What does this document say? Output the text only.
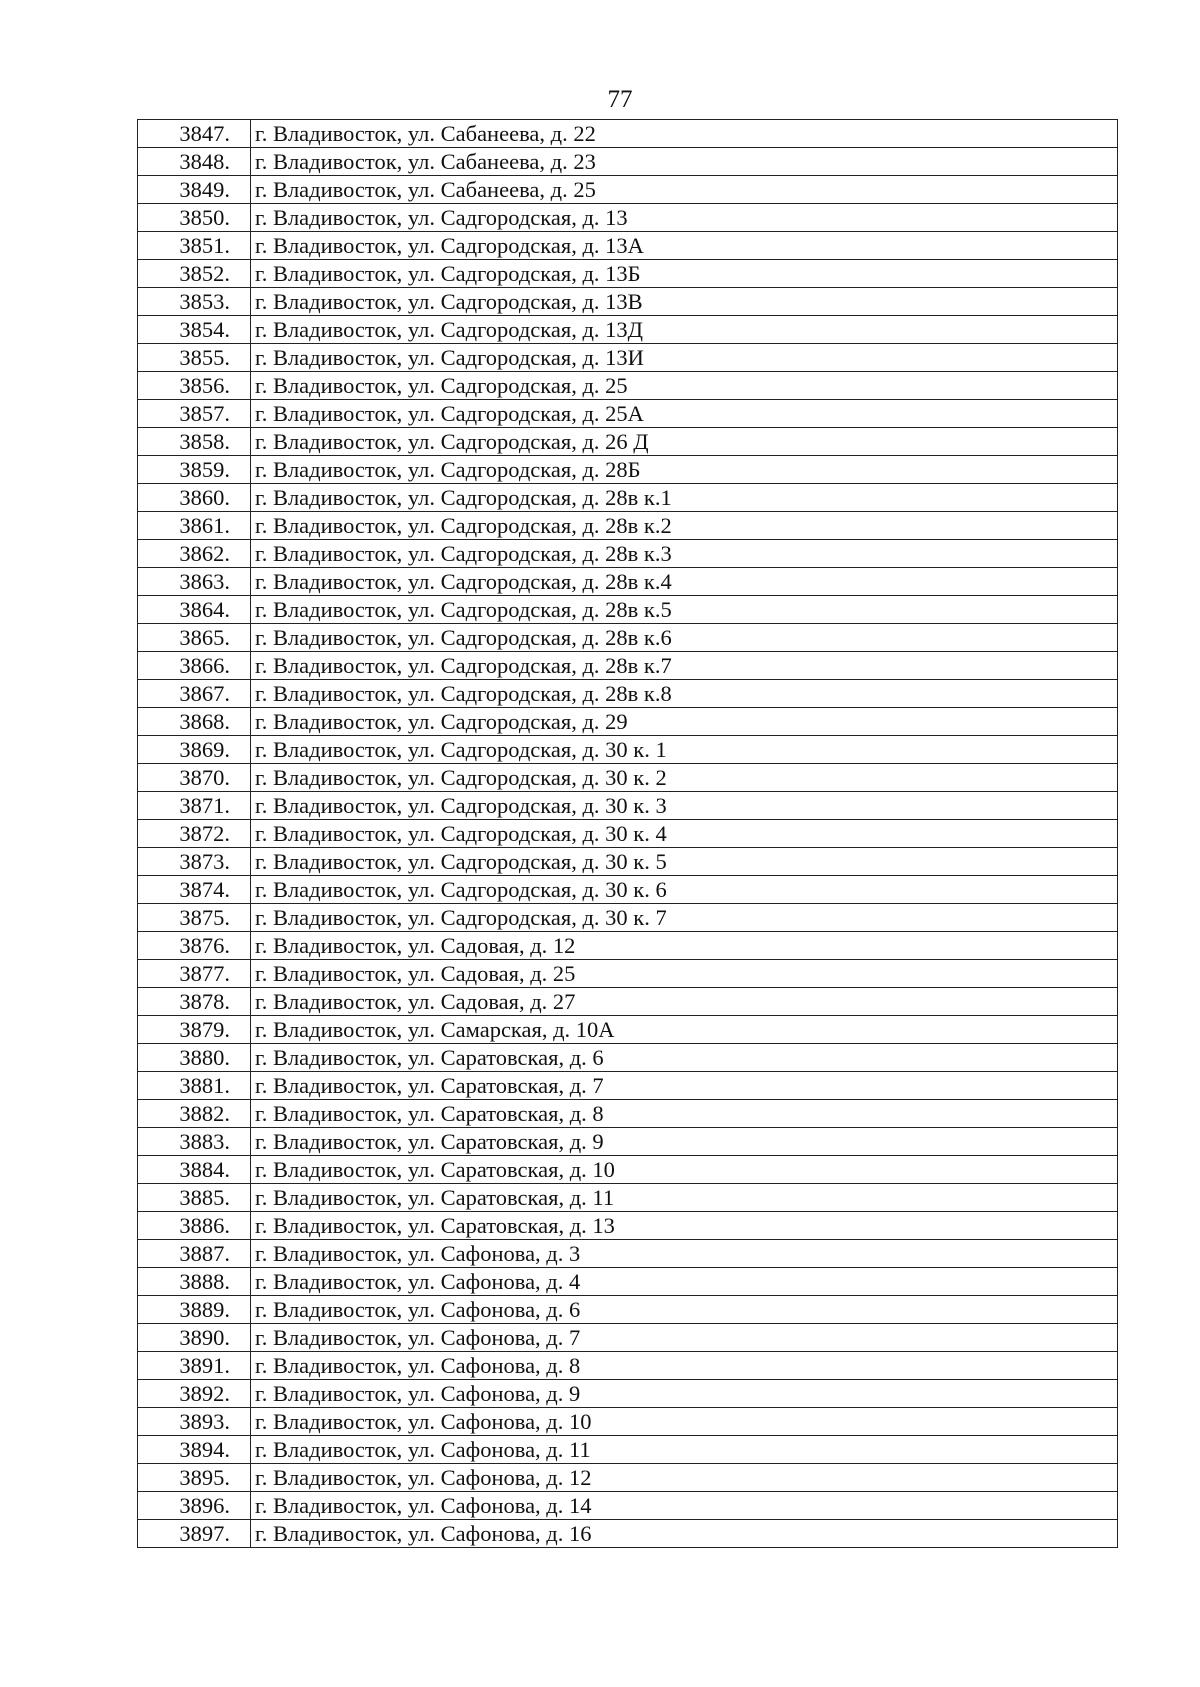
77
3847.	г. Владивосток, ул. Сабанеева, д. 22
3848.	г. Владивосток, ул. Сабанеева, д. 23
3849.	г. Владивосток, ул. Сабанеева, д. 25
3850.	г. Владивосток, ул. Садгородская, д. 13
3851.	г. Владивосток, ул. Садгородская, д. 13А
3852.	г. Владивосток, ул. Садгородская, д. 13Б
3853.	г. Владивосток, ул. Садгородская, д. 13В
3854.	г. Владивосток, ул. Садгородская, д. 13Д
3855.	г. Владивосток, ул. Садгородская, д. 13И
3856.	г. Владивосток, ул. Садгородская, д. 25
3857.	г. Владивосток, ул. Садгородская, д. 25А
3858.	г. Владивосток, ул. Садгородская, д. 26 Д
3859.	г. Владивосток, ул. Садгородская, д. 28Б
3860.	г. Владивосток, ул. Садгородская, д. 28в к.1
3861.	г. Владивосток, ул. Садгородская, д. 28в к.2
3862.	г. Владивосток, ул. Садгородская, д. 28в к.3
3863.	г. Владивосток, ул. Садгородская, д. 28в к.4
3864.	г. Владивосток, ул. Садгородская, д. 28в к.5
3865.	г. Владивосток, ул. Садгородская, д. 28в к.6
3866.	г. Владивосток, ул. Садгородская, д. 28в к.7
3867.	г. Владивосток, ул. Садгородская, д. 28в к.8
3868.	г. Владивосток, ул. Садгородская, д. 29
3869.	г. Владивосток, ул. Садгородская, д. 30 к. 1
3870.	г. Владивосток, ул. Садгородская, д. 30 к. 2
3871.	г. Владивосток, ул. Садгородская, д. 30 к. 3
3872.	г. Владивосток, ул. Садгородская, д. 30 к. 4
3873.	г. Владивосток, ул. Садгородская, д. 30 к. 5
3874.	г. Владивосток, ул. Садгородская, д. 30 к. 6
3875.	г. Владивосток, ул. Садгородская, д. 30 к. 7
3876.	г. Владивосток, ул. Садовая, д. 12
3877.	г. Владивосток, ул. Садовая, д. 25
3878.	г. Владивосток, ул. Садовая, д. 27
3879.	г. Владивосток, ул. Самарская, д. 10А
3880.	г. Владивосток, ул. Саратовская, д. 6
3881.	г. Владивосток, ул. Саратовская, д. 7
3882.	г. Владивосток, ул. Саратовская, д. 8
3883.	г. Владивосток, ул. Саратовская, д. 9
3884.	г. Владивосток, ул. Саратовская, д. 10
3885.	г. Владивосток, ул. Саратовская, д. 11
3886.	г. Владивосток, ул. Саратовская, д. 13
3887.	г. Владивосток, ул. Сафонова, д. 3
3888.	г. Владивосток, ул. Сафонова, д. 4
3889.	г. Владивосток, ул. Сафонова, д. 6
3890.	г. Владивосток, ул. Сафонова, д. 7
3891.	г. Владивосток, ул. Сафонова, д. 8
3892.	г. Владивосток, ул. Сафонова, д. 9
3893.	г. Владивосток, ул. Сафонова, д. 10
3894.	г. Владивосток, ул. Сафонова, д. 11
3895.	г. Владивосток, ул. Сафонова, д. 12
3896.	г. Владивосток, ул. Сафонова, д. 14
3897.	г. Владивосток, ул. Сафонова, д. 16
